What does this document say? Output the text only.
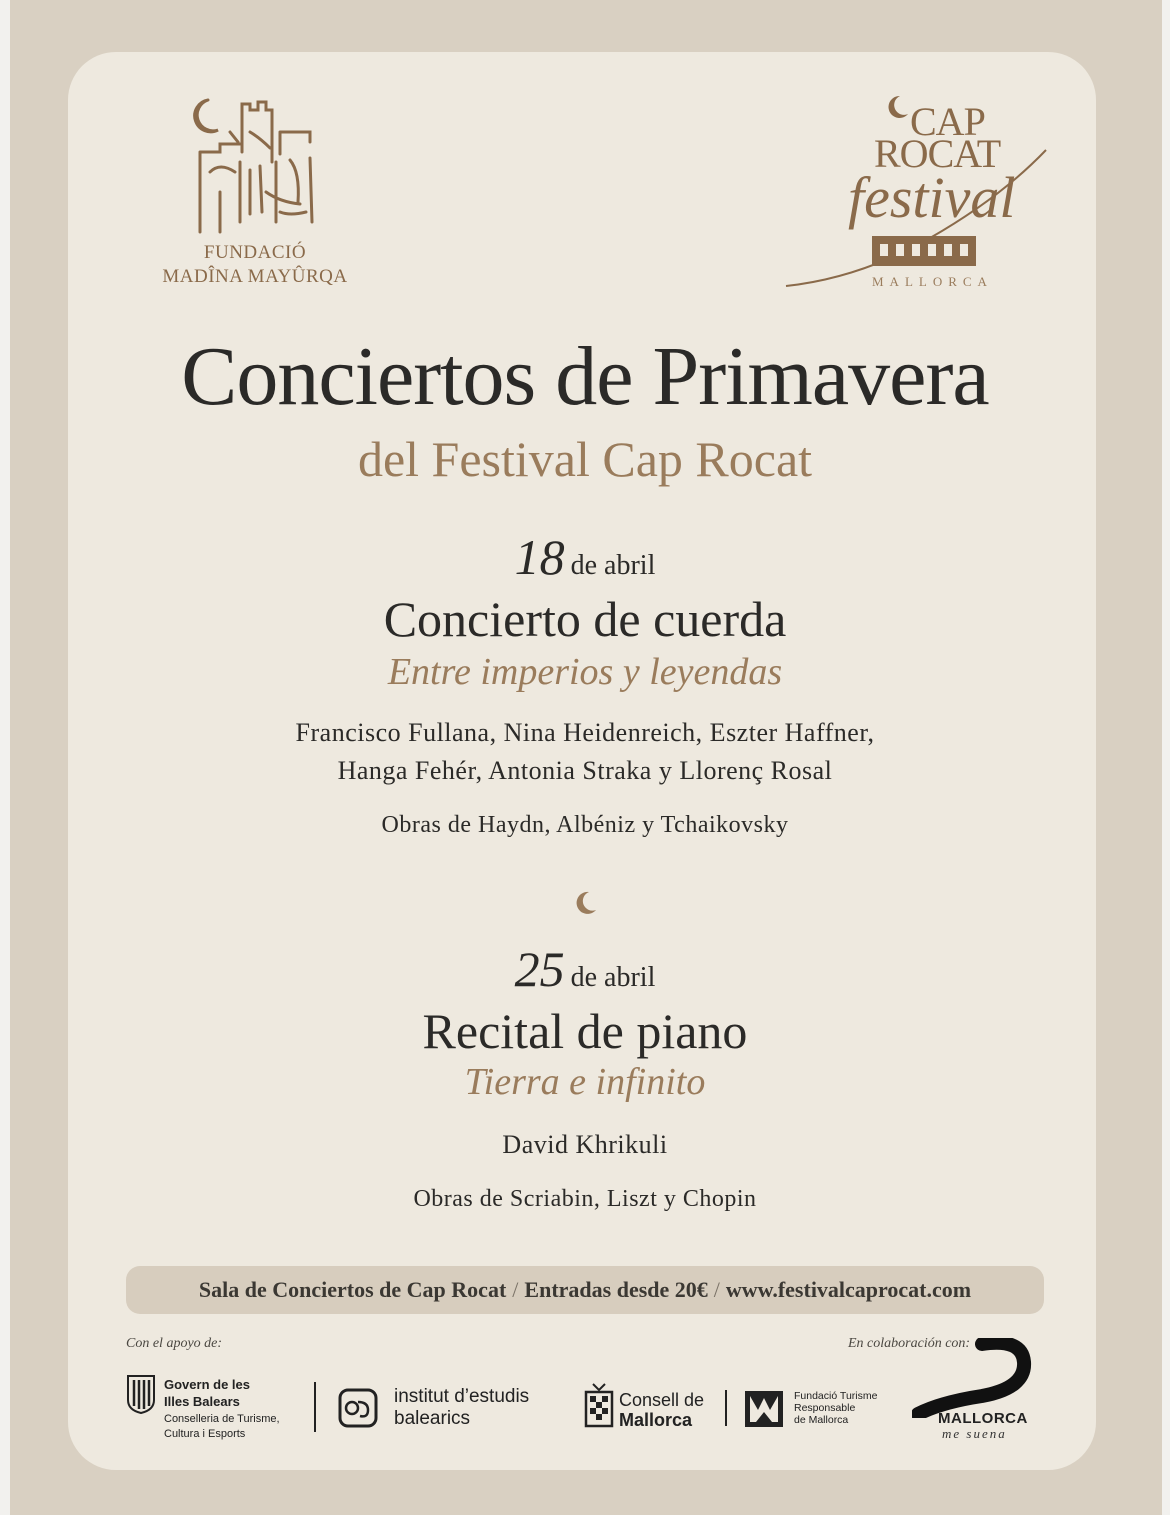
FUNDACIÓ
MADÎNA MAYÛRQA
CAP
ROCAT
festival
MALLORCA
Conciertos de Primavera
del Festival Cap Rocat
18 de abril
Concierto de cuerda
Entre imperios y leyendas
Francisco Fullana, Nina Heidenreich, Eszter Haffner,
Hanga Fehér, Antonia Straka y Llorenç Rosal
Obras de Haydn, Albéniz y Tchaikovsky
25 de abril
Recital de piano
Tierra e infinito
David Khrikuli
Obras de Scriabin, Liszt y Chopin
Sala de Conciertos de Cap Rocat / Entradas desde 20€ / www.festivalcaprocat.com
Con el apoyo de:	En colaboración con:
Govern de les
Illes Balears
Conselleria de Turisme,
Cultura i Esports
institut d’estudis
balearics
Consell de
Mallorca
Fundació Turisme
Responsable
de Mallorca	MALLORCA
me suena
